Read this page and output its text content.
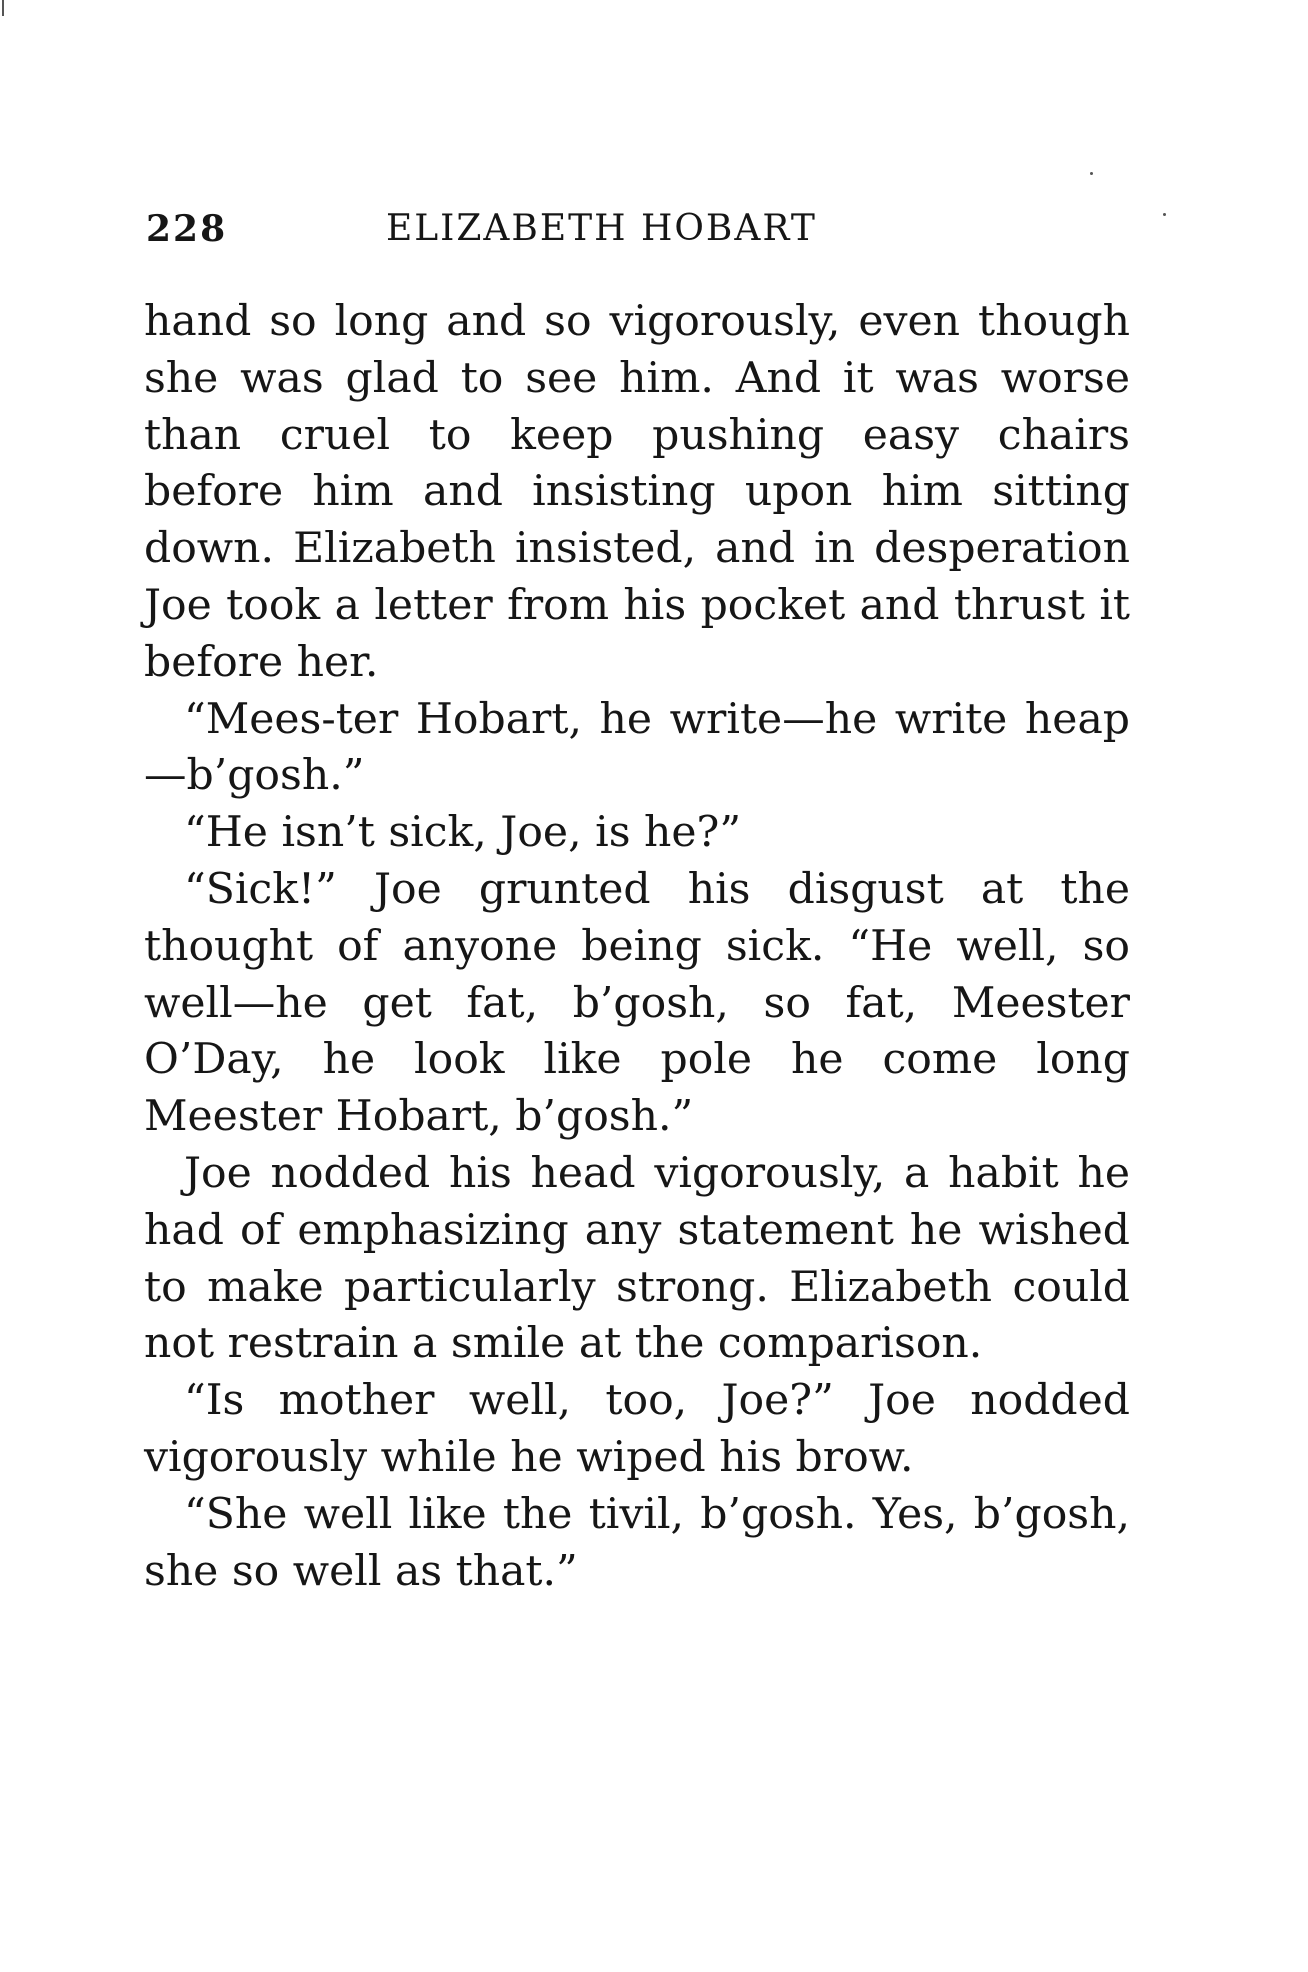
228	ELIZABETH HOBART

hand so long and so vigorously, even though she was glad to see him. And it was worse than cruel to keep pushing easy chairs before him and insisting upon him sitting down. Elizabeth insisted, and in desperation Joe took a letter from his pocket and thrust it before her.

“Mees-ter Hobart, he write—he write heap—b’gosh.”

“He isn’t sick, Joe, is he?”

“Sick!” Joe grunted his disgust at the thought of anyone being sick. “He well, so well—he get fat, b’gosh, so fat, Meester O’Day, he look like pole he come long Meester Hobart, b’gosh.”

Joe nodded his head vigorously, a habit he had of emphasizing any statement he wished to make particularly strong. Elizabeth could not restrain a smile at the comparison.

“Is mother well, too, Joe?” Joe nodded vigorously while he wiped his brow.

“She well like the tivil, b’gosh. Yes, b’gosh, she so well as that.”
